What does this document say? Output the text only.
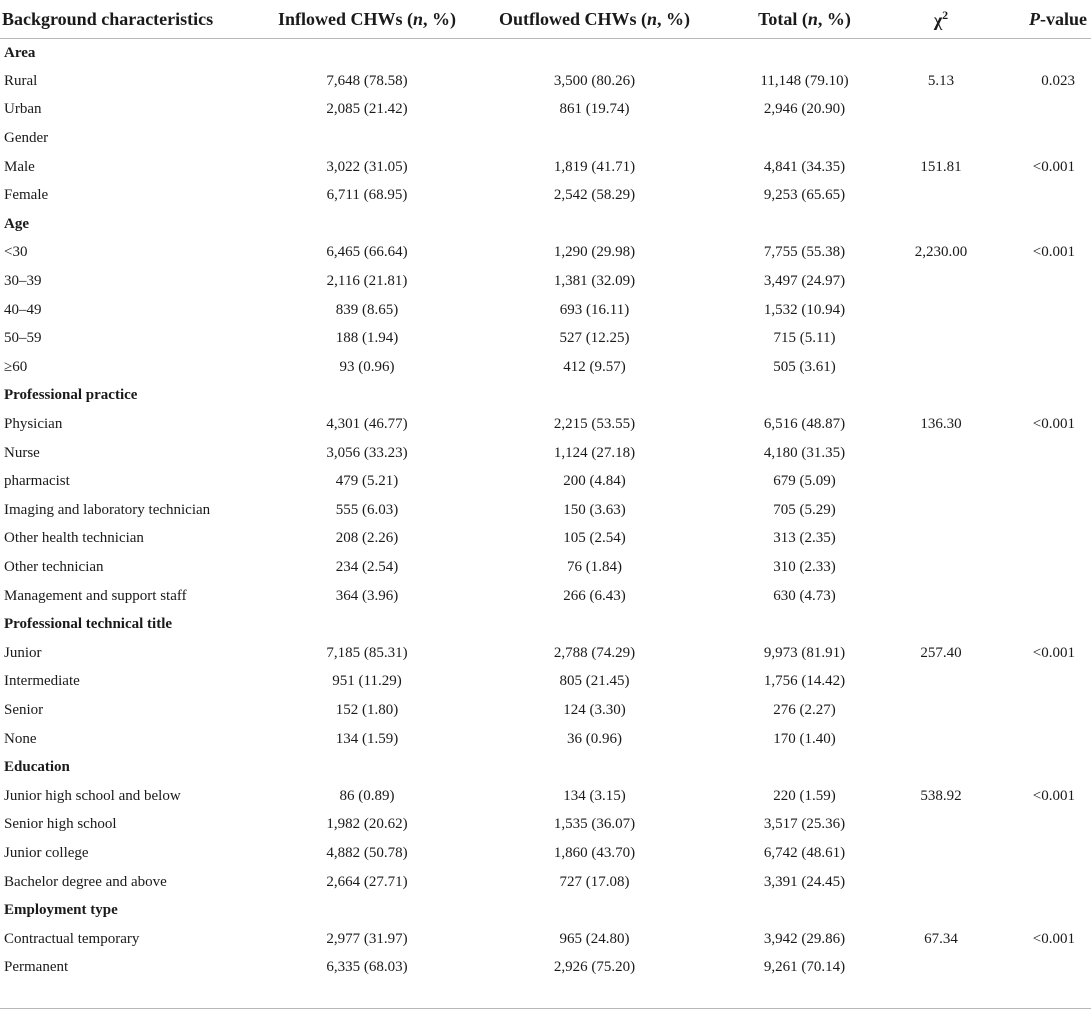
Background characteristics	Inflowed CHWs (n, %)	Outflowed CHWs (n, %)	Total (n, %)	$\chi^2$	P-value
Area					
Rural	7,648 (78.58)	3,500 (80.26)	11,148 (79.10)	5.13	0.023
Urban	2,085 (21.42)	861 (19.74)	2,946 (20.90)		
Gender					
Male	3,022 (31.05)	1,819 (41.71)	4,841 (34.35)	151.81	<0.001
Female	6,711 (68.95)	2,542 (58.29)	9,253 (65.65)		
Age					
<30	6,465 (66.64)	1,290 (29.98)	7,755 (55.38)	2,230.00	<0.001
30–39	2,116 (21.81)	1,381 (32.09)	3,497 (24.97)		
40–49	839 (8.65)	693 (16.11)	1,532 (10.94)		
50–59	188 (1.94)	527 (12.25)	715 (5.11)		
≥60	93 (0.96)	412 (9.57)	505 (3.61)		
Professional practice					
Physician	4,301 (46.77)	2,215 (53.55)	6,516 (48.87)	136.30	<0.001
Nurse	3,056 (33.23)	1,124 (27.18)	4,180 (31.35)		
pharmacist	479 (5.21)	200 (4.84)	679 (5.09)		
Imaging and laboratory technician	555 (6.03)	150 (3.63)	705 (5.29)		
Other health technician	208 (2.26)	105 (2.54)	313 (2.35)		
Other technician	234 (2.54)	76 (1.84)	310 (2.33)		
Management and support staff	364 (3.96)	266 (6.43)	630 (4.73)		
Professional technical title					
Junior	7,185 (85.31)	2,788 (74.29)	9,973 (81.91)	257.40	<0.001
Intermediate	951 (11.29)	805 (21.45)	1,756 (14.42)		
Senior	152 (1.80)	124 (3.30)	276 (2.27)		
None	134 (1.59)	36 (0.96)	170 (1.40)		
Education					
Junior high school and below	86 (0.89)	134 (3.15)	220 (1.59)	538.92	<0.001
Senior high school	1,982 (20.62)	1,535 (36.07)	3,517 (25.36)		
Junior college	4,882 (50.78)	1,860 (43.70)	6,742 (48.61)		
Bachelor degree and above	2,664 (27.71)	727 (17.08)	3,391 (24.45)		
Employment type					
Contractual temporary	2,977 (31.97)	965 (24.80)	3,942 (29.86)	67.34	<0.001
Permanent	6,335 (68.03)	2,926 (75.20)	9,261 (70.14)		
